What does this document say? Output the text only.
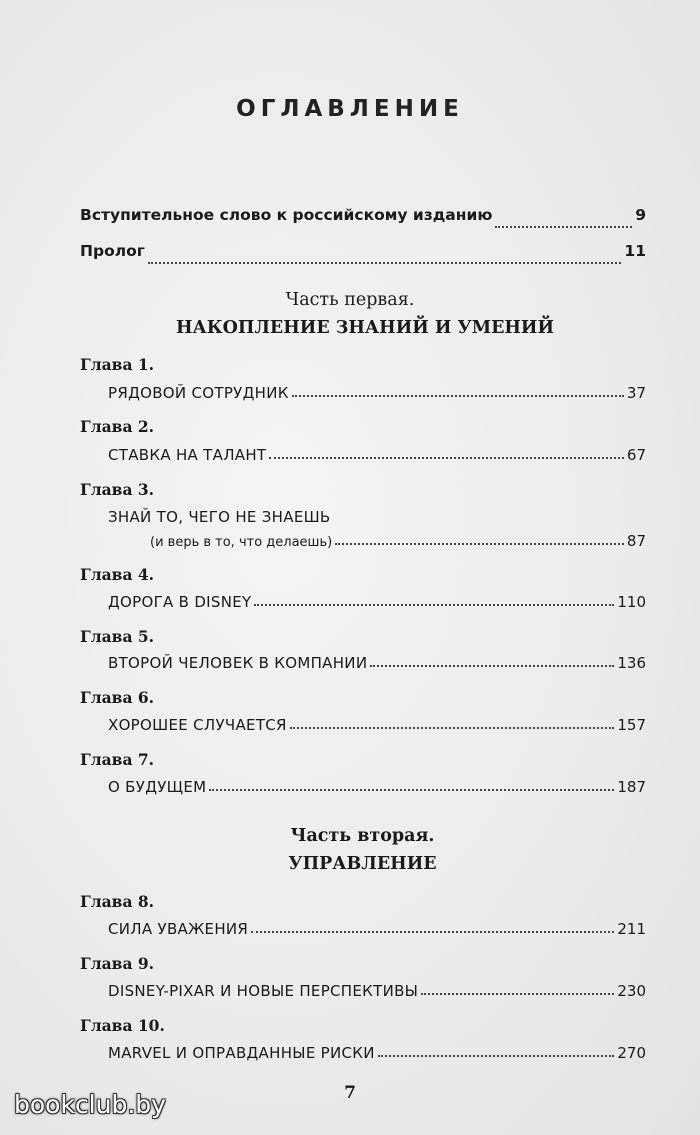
ОГЛАВЛЕНИЕ
Вступительное слово к российскому изданию	9
Пролог	11
Часть первая.
НАКОПЛЕНИЕ ЗНАНИЙ И УМЕНИЙ
Глава 1.
РЯДОВОЙ СОТРУДНИК	37
Глава 2.
СТАВКА НА ТАЛАНТ	67
Глава 3.
ЗНАЙ ТО, ЧЕГО НЕ ЗНАЕШЬ
(и верь в то, что делаешь)	87
Глава 4.
ДОРОГА В DISNEY	110
Глава 5.
ВТОРОЙ ЧЕЛОВЕК В КОМПАНИИ	136
Глава 6.
ХОРОШЕЕ СЛУЧАЕТСЯ	157
Глава 7.
О БУДУЩЕМ	187
Часть вторая.
УПРАВЛЕНИЕ
Глава 8.
СИЛА УВАЖЕНИЯ	211
Глава 9.
DISNEY-PIXAR И НОВЫЕ ПЕРСПЕКТИВЫ	230
Глава 10.
MARVEL И ОПРАВДАННЫЕ РИСКИ	270
7
bookclub.by
